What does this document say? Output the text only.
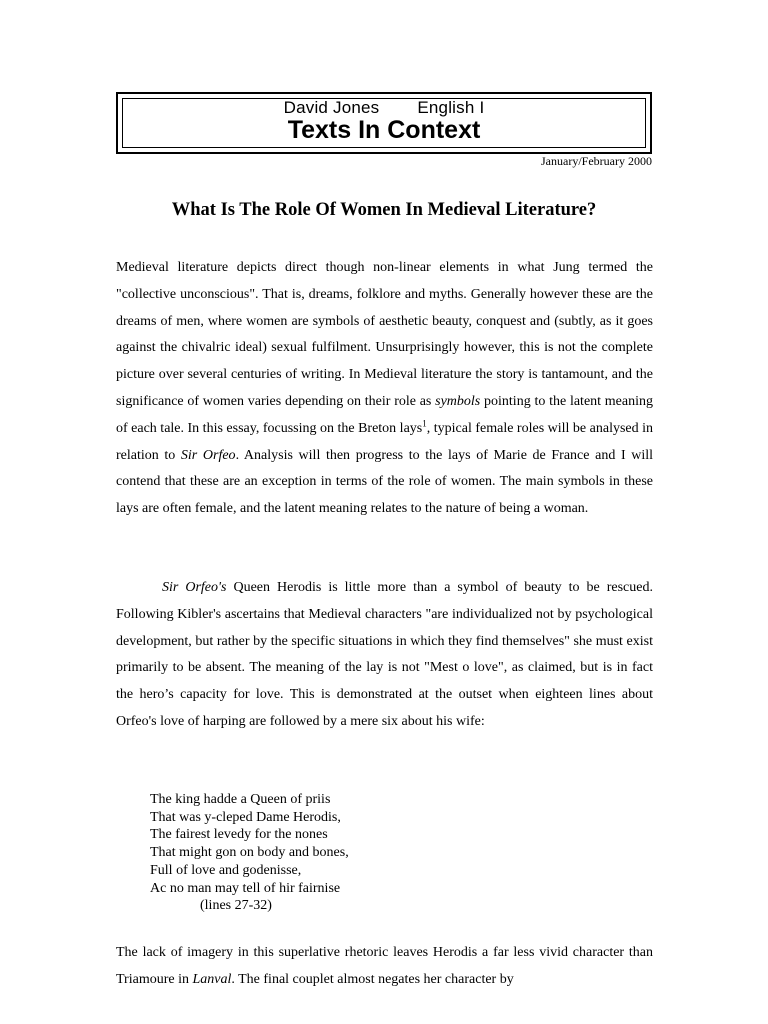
David Jones English I
Texts In Context
January/February 2000
What Is The Role Of Women In Medieval Literature?
Medieval literature depicts direct though non-linear elements in what Jung termed the "collective unconscious". That is, dreams, folklore and myths. Generally however these are the dreams of men, where women are symbols of aesthetic beauty, conquest and (subtly, as it goes against the chivalric ideal) sexual fulfilment. Unsurprisingly however, this is not the complete picture over several centuries of writing. In Medieval literature the story is tantamount, and the significance of women varies depending on their role as symbols pointing to the latent meaning of each tale. In this essay, focussing on the Breton lays$^1$, typical female roles will be analysed in relation to Sir Orfeo. Analysis will then progress to the lays of Marie de France and I will contend that these are an exception in terms of the role of women. The main symbols in these lays are often female, and the latent meaning relates to the nature of being a woman.
Sir Orfeo's Queen Herodis is little more than a symbol of beauty to be rescued. Following Kibler's ascertains that Medieval characters "are individualized not by psychological development, but rather by the specific situations in which they find themselves" she must exist primarily to be absent. The meaning of the lay is not "Mest o love", as claimed, but is in fact the hero’s capacity for love. This is demonstrated at the outset when eighteen lines about Orfeo's love of harping are followed by a mere six about his wife:
The king hadde a Queen of priis
That was y-cleped Dame Herodis,
The fairest levedy for the nones
That might gon on body and bones,
Full of love and godenisse,
Ac no man may tell of hir fairnise
(lines 27-32)
The lack of imagery in this superlative rhetoric leaves Herodis a far less vivid character than Triamoure in Lanval. The final couplet almost negates her character by
